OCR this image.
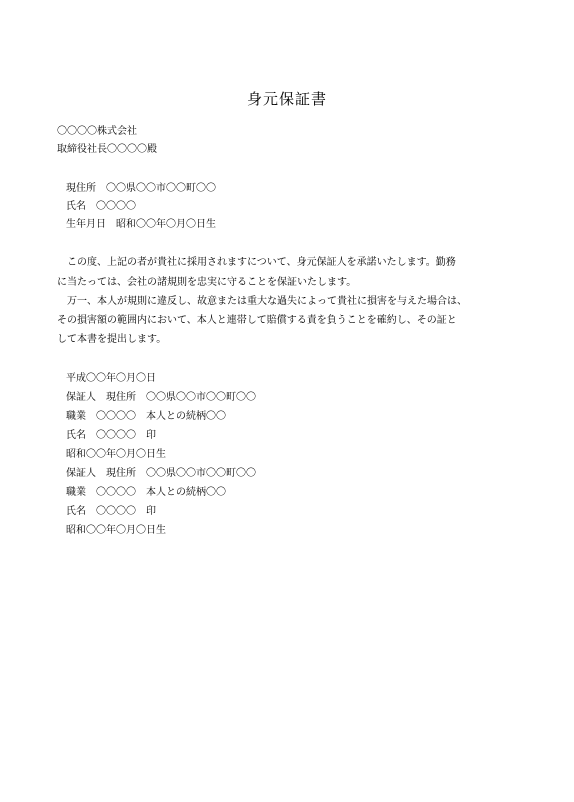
身元保証書
〇〇〇〇株式会社
取締役社長〇〇〇〇殿
現住所　〇〇県〇〇市〇〇町〇〇
氏名　〇〇〇〇
生年月日　昭和〇〇年〇月〇日生
　この度、上記の者が貴社に採用されますについて、身元保証人を承諾いたします。勤務
に当たっては、会社の諸規則を忠実に守ることを保証いたします。
　万一、本人が規則に違反し、故意または重大な過失によって貴社に損害を与えた場合は、
その損害額の範囲内において、本人と連帯して賠償する責を負うことを確約し、その証と
して本書を提出します。
平成〇〇年〇月〇日
保証人　現住所　〇〇県〇〇市〇〇町〇〇
職業　〇〇〇〇　本人との続柄〇〇
氏名　〇〇〇〇　印
昭和〇〇年〇月〇日生
保証人　現住所　〇〇県〇〇市〇〇町〇〇
職業　〇〇〇〇　本人との続柄〇〇
氏名　〇〇〇〇　印
昭和〇〇年〇月〇日生
